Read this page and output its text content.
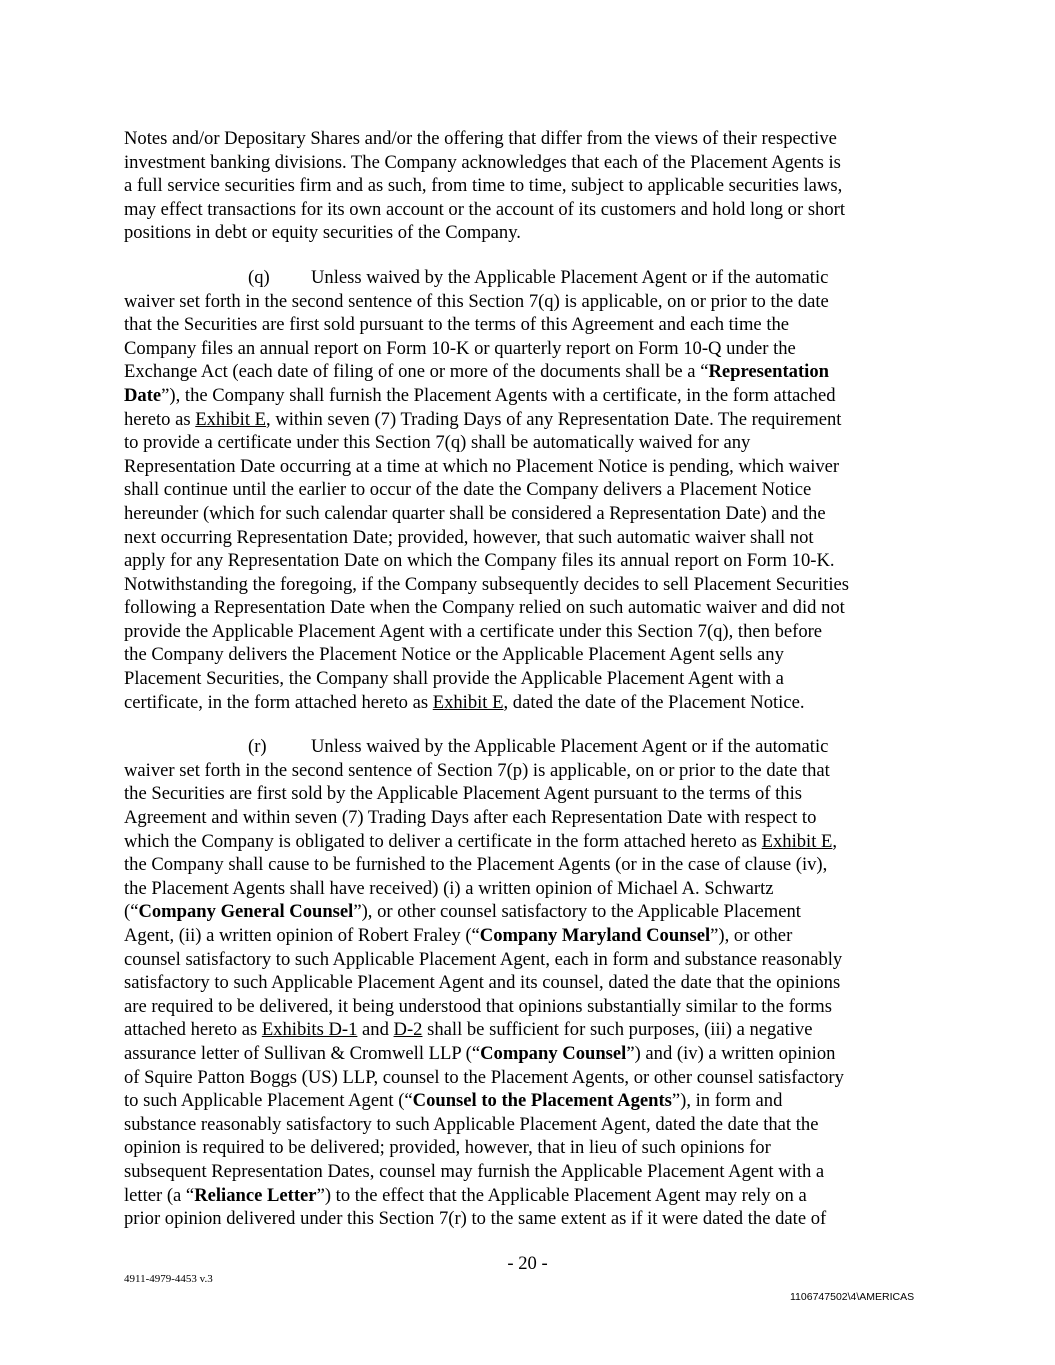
Notes and/or Depositary Shares and/or the offering that differ from the views of their respective
investment banking divisions. The Company acknowledges that each of the Placement Agents is
a full service securities firm and as such, from time to time, subject to applicable securities laws,
may effect transactions for its own account or the account of its customers and hold long or short
positions in debt or equity securities of the Company.
(q) Unless waived by the Applicable Placement Agent or if the automatic
waiver set forth in the second sentence of this Section 7(q) is applicable, on or prior to the date
that the Securities are first sold pursuant to the terms of this Agreement and each time the
Company files an annual report on Form 10-K or quarterly report on Form 10-Q under the
Exchange Act (each date of filing of one or more of the documents shall be a “Representation
Date”), the Company shall furnish the Placement Agents with a certificate, in the form attached
hereto as Exhibit E, within seven (7) Trading Days of any Representation Date. The requirement
to provide a certificate under this Section 7(q) shall be automatically waived for any
Representation Date occurring at a time at which no Placement Notice is pending, which waiver
shall continue until the earlier to occur of the date the Company delivers a Placement Notice
hereunder (which for such calendar quarter shall be considered a Representation Date) and the
next occurring Representation Date; provided, however, that such automatic waiver shall not
apply for any Representation Date on which the Company files its annual report on Form 10-K.
Notwithstanding the foregoing, if the Company subsequently decides to sell Placement Securities
following a Representation Date when the Company relied on such automatic waiver and did not
provide the Applicable Placement Agent with a certificate under this Section 7(q), then before
the Company delivers the Placement Notice or the Applicable Placement Agent sells any
Placement Securities, the Company shall provide the Applicable Placement Agent with a
certificate, in the form attached hereto as Exhibit E, dated the date of the Placement Notice.
(r) Unless waived by the Applicable Placement Agent or if the automatic
waiver set forth in the second sentence of Section 7(p) is applicable, on or prior to the date that
the Securities are first sold by the Applicable Placement Agent pursuant to the terms of this
Agreement and within seven (7) Trading Days after each Representation Date with respect to
which the Company is obligated to deliver a certificate in the form attached hereto as Exhibit E,
the Company shall cause to be furnished to the Placement Agents (or in the case of clause (iv),
the Placement Agents shall have received) (i) a written opinion of Michael A. Schwartz
(“Company General Counsel”), or other counsel satisfactory to the Applicable Placement
Agent, (ii) a written opinion of Robert Fraley (“Company Maryland Counsel”), or other
counsel satisfactory to such Applicable Placement Agent, each in form and substance reasonably
satisfactory to such Applicable Placement Agent and its counsel, dated the date that the opinions
are required to be delivered, it being understood that opinions substantially similar to the forms
attached hereto as Exhibits D-1 and D-2 shall be sufficient for such purposes, (iii) a negative
assurance letter of Sullivan & Cromwell LLP (“Company Counsel”) and (iv) a written opinion
of Squire Patton Boggs (US) LLP, counsel to the Placement Agents, or other counsel satisfactory
to such Applicable Placement Agent (“Counsel to the Placement Agents”), in form and
substance reasonably satisfactory to such Applicable Placement Agent, dated the date that the
opinion is required to be delivered; provided, however, that in lieu of such opinions for
subsequent Representation Dates, counsel may furnish the Applicable Placement Agent with a
letter (a “Reliance Letter”) to the effect that the Applicable Placement Agent may rely on a
prior opinion delivered under this Section 7(r) to the same extent as if it were dated the date of
- 20 -
4911-4979-4453 v.3
1106747502\4\AMERICAS
